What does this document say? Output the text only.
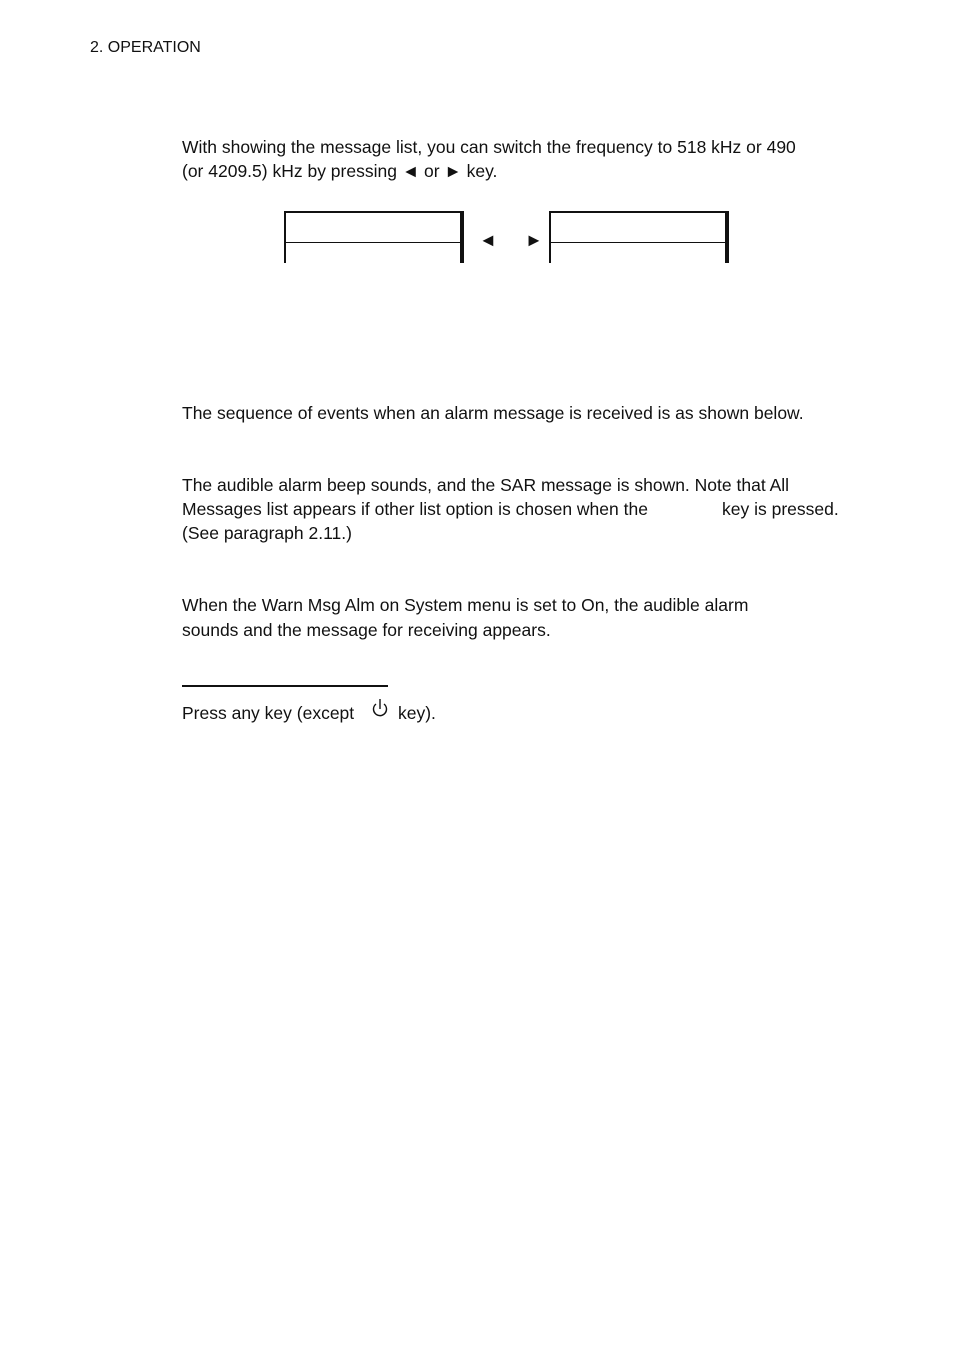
2. OPERATION
With showing the message list, you can switch the frequency to 518 kHz or 490
(or 4209.5) kHz by pressing ◄ or ► key.
◄ ►
The sequence of events when an alarm message is received is as shown below.
The audible alarm beep sounds, and the SAR message is shown. Note that All
Messages list appears if other list option is chosen when the	key is pressed.
(See paragraph 2.11.)
When the Warn Msg Alm on System menu is set to On, the audible alarm
sounds and the message for receiving appears.
Press any key (except	key).
